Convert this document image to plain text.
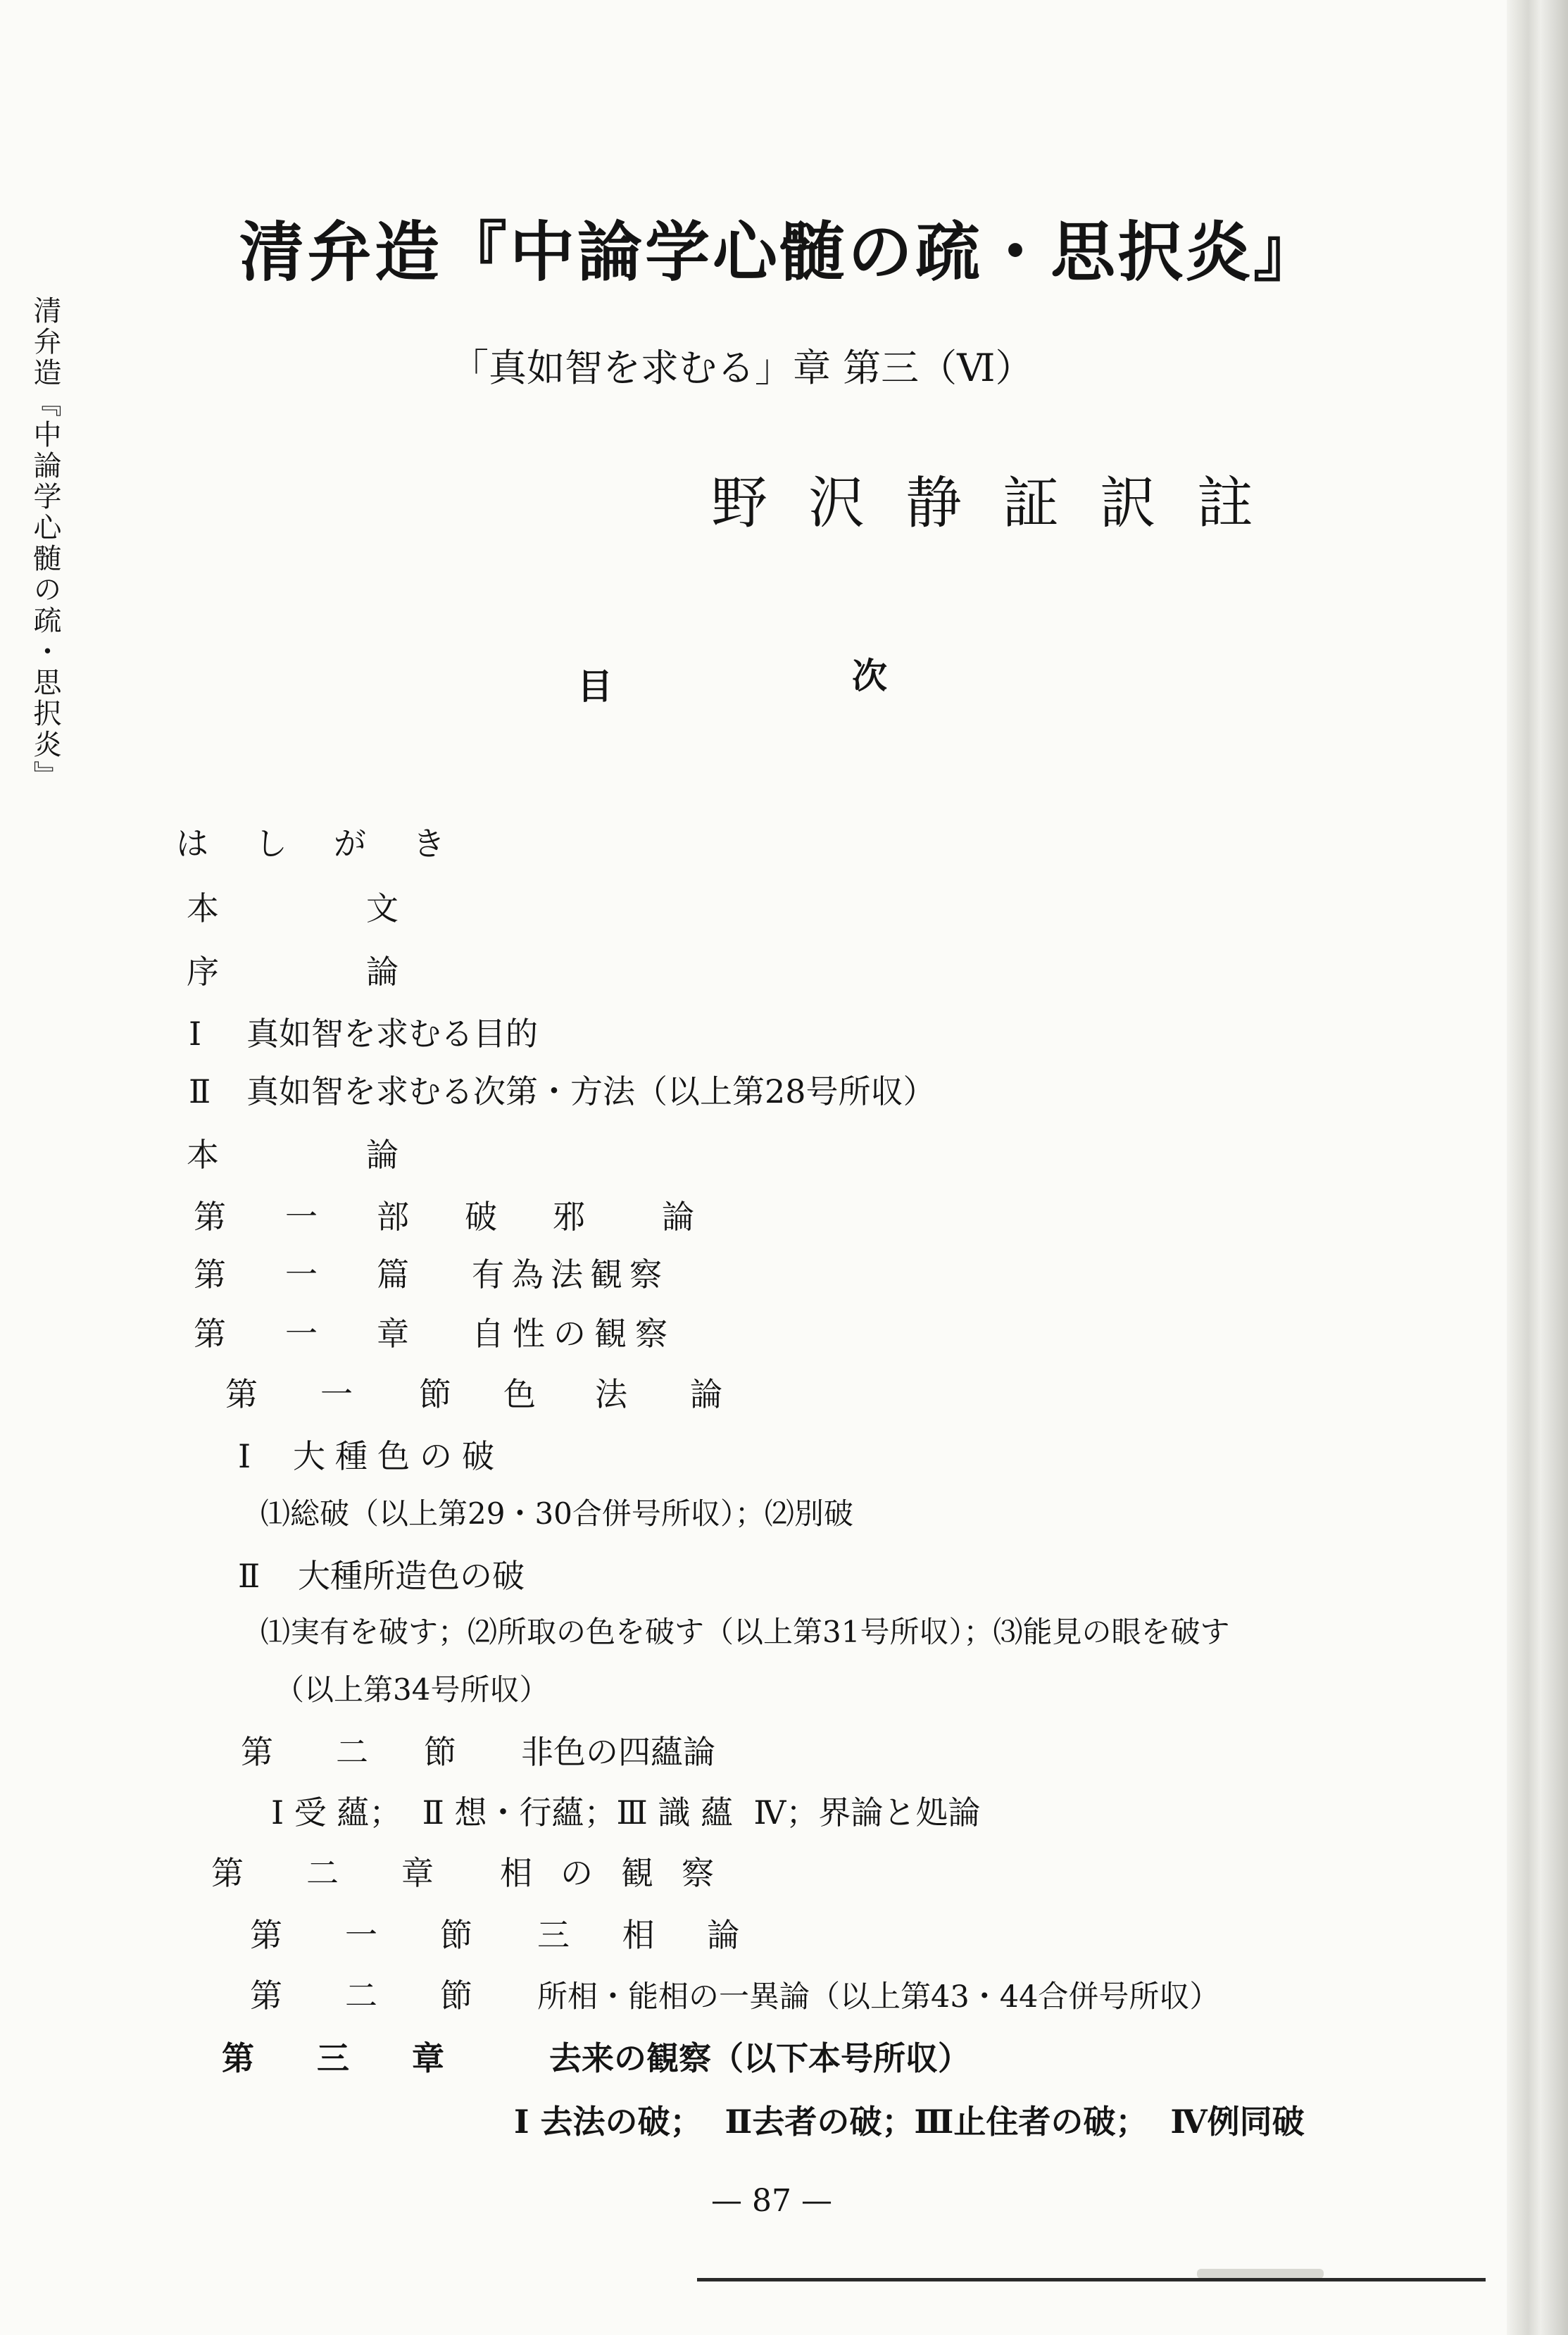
清弁造『中論学心髄の疏・思択炎』
清弁造『中論学心髄の疏・思択炎』
「真如智を求むる」章 第三（Ⅵ）
野沢静証訳註
目	次
は し が き
本	文
序	論
Ⅰ 真如智を求むる目的
Ⅱ 真如智を求むる次第・方法（以上第28号所収）
本	論
第 一 部 破 邪 論
第 一 篇 有為法観察
第 一 章 自性の観察
第 一 節 色 法 論
Ⅰ 大種色の破
⑴総破（以上第29・30合併号所収）；⑵別破
Ⅱ 大種所造色の破
⑴実有を破す；⑵所取の色を破す（以上第31号所収）；⑶能見の眼を破す
（以上第34号所収）
第 二 節 非色の四蘊論
Ⅰ 受 蘊；  Ⅱ 想・行蘊；Ⅲ 識 蘊  Ⅳ；界論と処論
第 二 章 相の観察
第 一 節 三 相 論
第 二 節 所相・能相の一異論（以上第43・44合併号所収）
第 三 章	去来の観察（以下本号所収）
Ⅰ 去法の破；  Ⅱ去者の破；Ⅲ止住者の破；  Ⅳ例同破
— 87 —
